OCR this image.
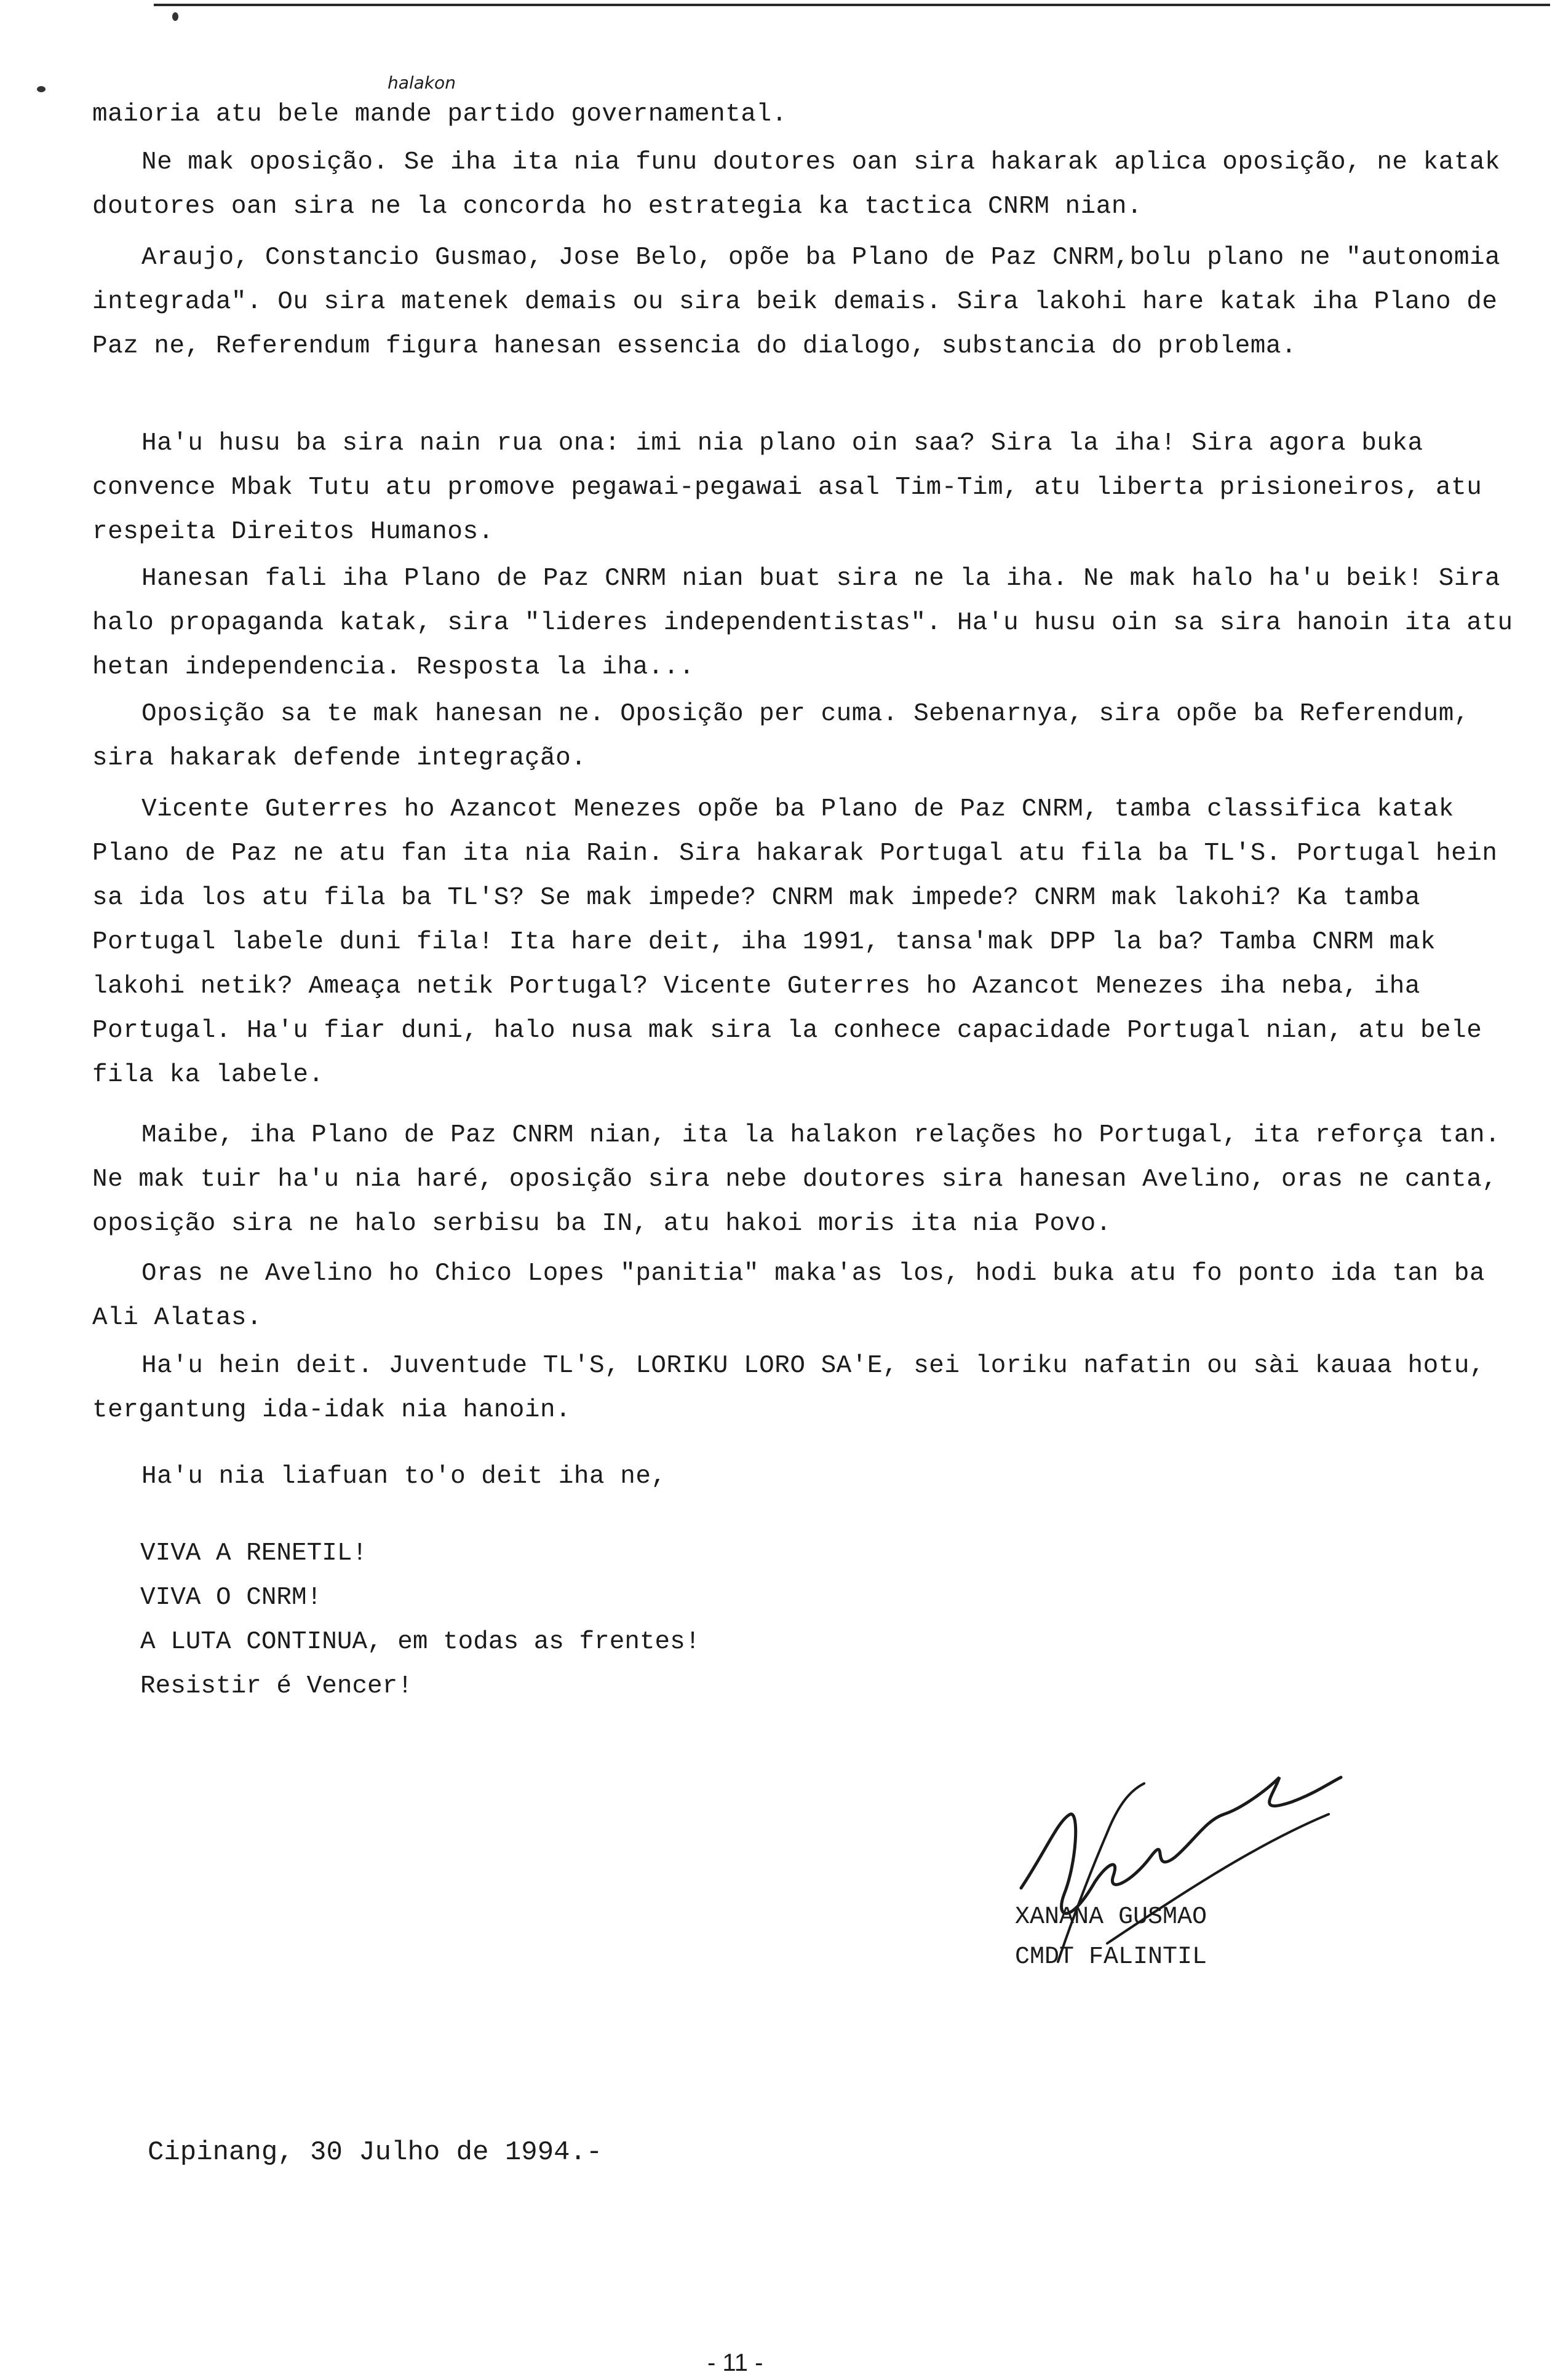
halakon

maioria atu bele mande partido governamental.

Ne mak oposição. Se iha ita nia funu doutores oan sira hakarak aplica oposição, ne katak doutores oan sira ne la concorda ho estrategia ka tactica CNRM nian.

Araujo, Constancio Gusmao, Jose Belo, opõe ba Plano de Paz CNRM,bolu plano ne "autonomia integrada". Ou sira matenek demais ou sira beik demais. Sira lakohi hare katak iha Plano de Paz ne, Referendum figura hanesan essencia do dialogo, substancia do problema.

Ha'u husu ba sira nain rua ona: imi nia plano oin saa? Sira la iha! Sira agora buka convence Mbak Tutu atu promove pegawai-pegawai asal Tim-Tim, atu liberta prisioneiros, atu respeita Direitos Humanos.

Hanesan fali iha Plano de Paz CNRM nian buat sira ne la iha. Ne mak halo ha'u beik! Sira halo propaganda katak, sira "lideres independentistas". Ha'u husu oin sa sira hanoin ita atu hetan independencia. Resposta la iha...

Oposição sa te mak hanesan ne. Oposição per cuma. Sebenarnya, sira opõe ba Referendum, sira hakarak defende integração.

Vicente Guterres ho Azancot Menezes opõe ba Plano de Paz CNRM, tamba classifica katak Plano de Paz ne atu fan ita nia Rain. Sira hakarak Portugal atu fila ba TL'S. Portugal hein sa ida los atu fila ba TL'S? Se mak impede? CNRM mak impede? CNRM mak lakohi? Ka tamba Portugal labele duni fila! Ita hare deit, iha 1991, tansa'mak DPP la ba? Tamba CNRM mak lakohi netik? Ameaça netik Portugal? Vicente Guterres ho Azancot Menezes iha neba, iha Portugal. Ha'u fiar duni, halo nusa mak sira la conhece capacidade Portugal nian, atu bele fila ka labele.

Maibe, iha Plano de Paz CNRM nian, ita la halakon relações ho Portugal, ita reforça tan. Ne mak tuir ha'u nia haré, oposição sira nebe doutores sira hanesan Avelino, oras ne canta, oposição sira ne halo serbisu ba IN, atu hakoi moris ita nia Povo.

Oras ne Avelino ho Chico Lopes "panitia" maka'as los, hodi buka atu fo ponto ida tan ba Ali Alatas.

Ha'u hein deit. Juventude TL'S, LORIKU LORO SA'E, sei loriku nafatin ou sài kauaa hotu, tergantung ida-idak nia hanoin.

Ha'u nia liafuan to'o deit iha ne,

VIVA A RENETIL!
VIVA O CNRM!
A LUTA CONTINUA, em todas as frentes!
Resistir é Vencer!
XANANA GUSMAO
CMDT FALINTIL
Cipinang, 30 Julho de 1994.-
- 11 -
